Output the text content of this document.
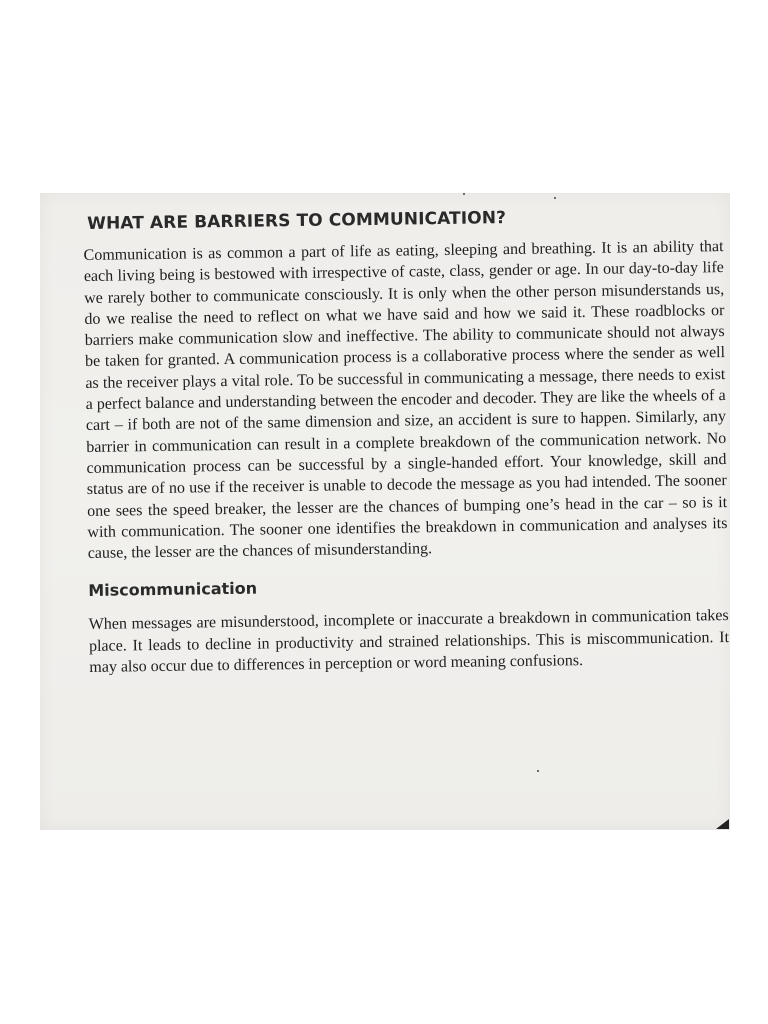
WHAT ARE BARRIERS TO COMMUNICATION?

Communication is as common a part of life as eating, sleeping and breathing. It is an ability that each living being is bestowed with irrespective of caste, class, gender or age. In our day-to-day life we rarely bother to communicate consciously. It is only when the other person misunderstands us, do we realise the need to reflect on what we have said and how we said it. These roadblocks or barriers make communication slow and ineffective. The ability to communicate should not always be taken for granted. A communication process is a collaborative process where the sender as well as the receiver plays a vital role. To be successful in communicating a message, there needs to exist a perfect balance and understanding between the encoder and decoder. They are like the wheels of a cart – if both are not of the same dimension and size, an accident is sure to happen. Similarly, any barrier in communication can result in a complete breakdown of the communication network. No communication process can be successful by a single-handed effort. Your knowledge, skill and status are of no use if the receiver is unable to decode the message as you had intended. The sooner one sees the speed breaker, the lesser are the chances of bumping one’s head in the car – so is it with communication. The sooner one identifies the breakdown in communication and analyses its cause, the lesser are the chances of misunderstanding.

Miscommunication

When messages are misunderstood, incomplete or inaccurate a breakdown in communication takes place. It leads to decline in productivity and strained relationships. This is miscommunication. It may also occur due to differences in perception or word meaning confusions.
